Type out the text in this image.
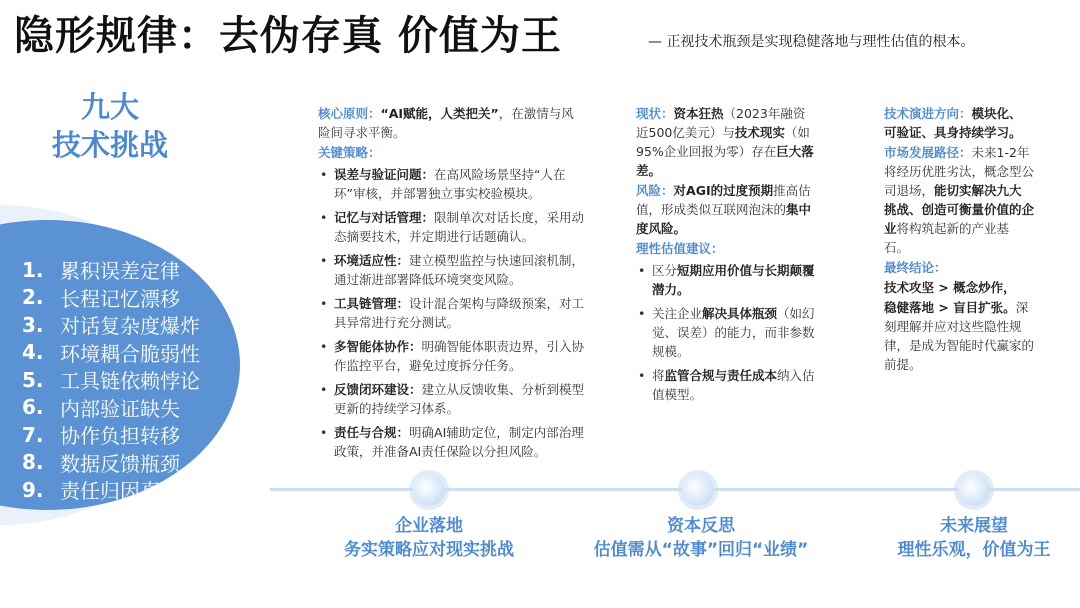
隐形规律：去伪存真 价值为王	— 正视技术瓶颈是实现稳健落地与理性估值的根本。
九大
技术挑战
1. 累积误差定律
2. 长程记忆漂移
3. 对话复杂度爆炸
4. 环境耦合脆弱性
5. 工具链依赖悖论
6. 内部验证缺失
7. 协作负担转移
8. 数据反馈瓶颈
9. 责任归因真空

核心原则：“AI赋能，人类把关”，在激情与风险间寻求平衡。

关键策略：

• 误差与验证问题：在高风险场景坚持“人在环”审核，并部署独立事实校验模块。
• 记忆与对话管理：限制单次对话长度，采用动态摘要技术，并定期进行话题确认。
• 环境适应性：建立模型监控与快速回滚机制，通过渐进部署降低环境突变风险。
• 工具链管理：设计混合架构与降级预案，对工具异常进行充分测试。
• 多智能体协作：明确智能体职责边界，引入协作监控平台，避免过度拆分任务。
• 反馈闭环建设：建立从反馈收集、分析到模型更新的持续学习体系。
• 责任与合规：明确AI辅助定位，制定内部治理政策，并准备AI责任保险以分担风险。

现状：资本狂热（2023年融资近500亿美元）与技术现实（如95%企业回报为零）存在巨大落差。

风险：对AGI的过度预期推高估值，形成类似互联网泡沫的集中度风险。

理性估值建议：

• 区分短期应用价值与长期颠覆潜力。
• 关注企业解决具体瓶颈（如幻觉、误差）的能力，而非参数规模。
• 将监管合规与责任成本纳入估值模型。

技术演进方向：模块化、可验证、具身持续学习。

市场发展路径：未来1-2年将经历优胜劣汰，概念型公司退场，能切实解决九大挑战、创造可衡量价值的企业将构筑起新的产业基石。

最终结论：

技术攻坚 > 概念炒作，

稳健落地 > 盲目扩张。深刻理解并应对这些隐性规律，是成为智能时代赢家的前提。

企业落地
务实策略应对现实挑战
资本反思
估值需从“故事”回归“业绩”
未来展望
理性乐观，价值为王
